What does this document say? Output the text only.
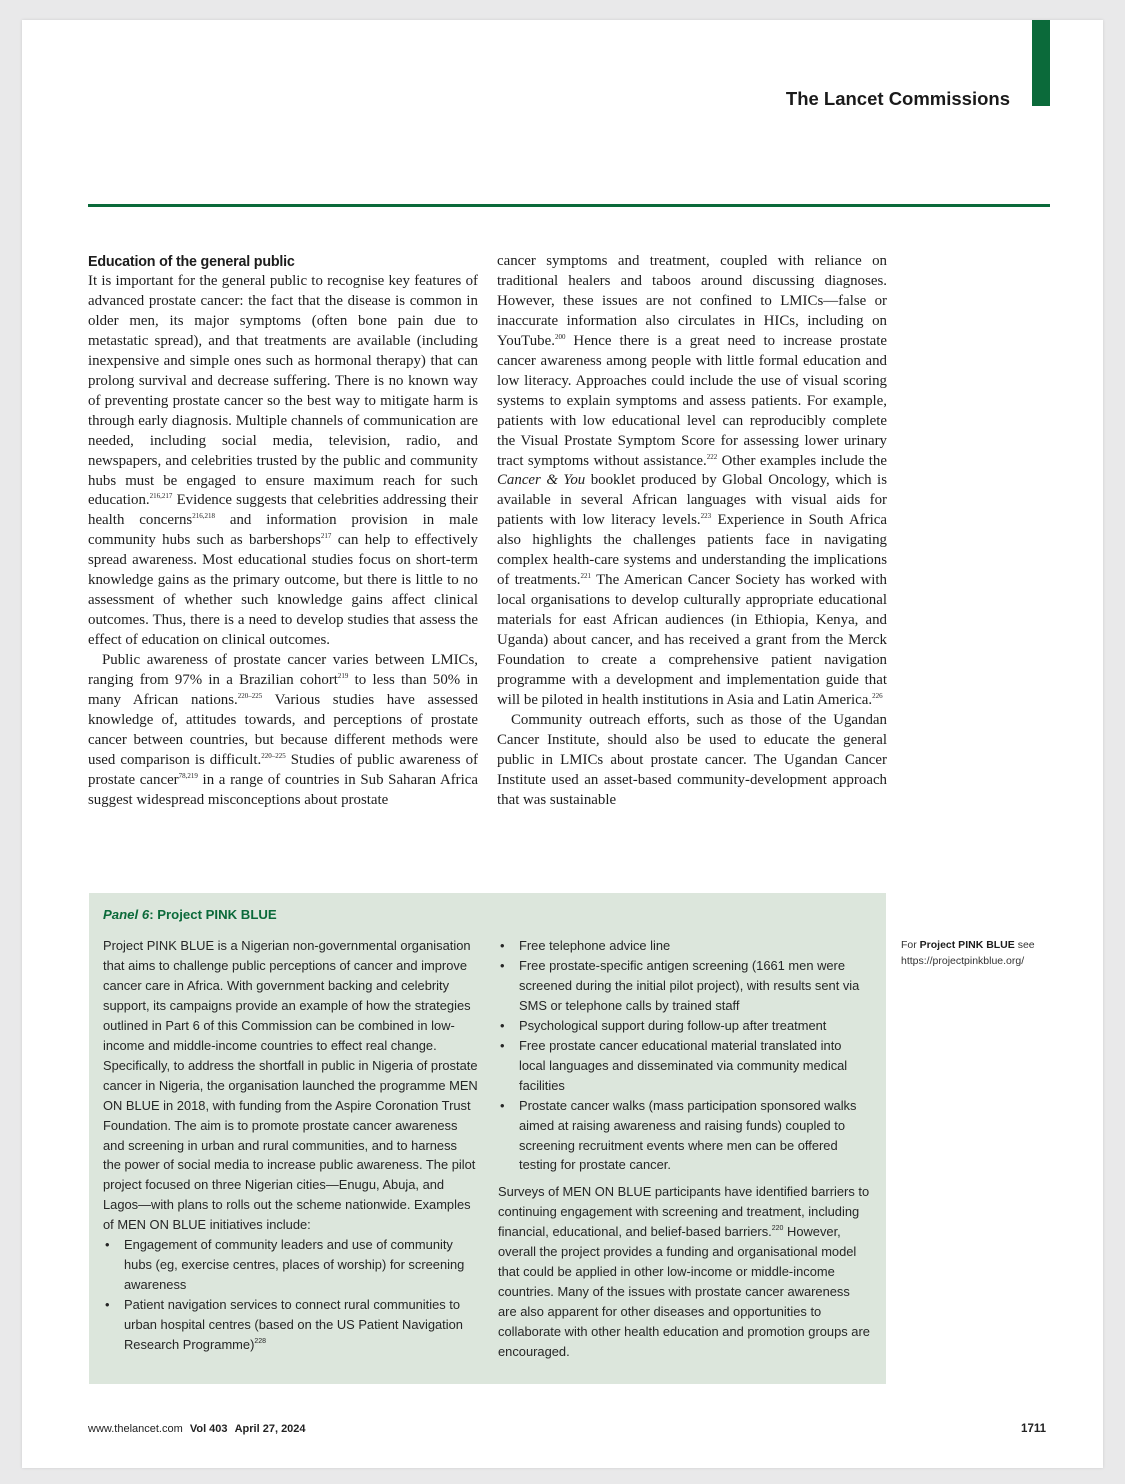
The Lancet Commissions
Education of the general public

It is important for the general public to recognise key features of advanced prostate cancer: the fact that the disease is common in older men, its major symptoms (often bone pain due to metastatic spread), and that treatments are available (including inexpensive and simple ones such as hormonal therapy) that can prolong survival and decrease suffering. There is no known way of preventing prostate cancer so the best way to mitigate harm is through early diagnosis. Multiple channels of communication are needed, including social media, television, radio, and newspapers, and celebrities trusted by the public and community hubs must be engaged to ensure maximum reach for such education.$^{216,217}$ Evidence suggests that celebrities addressing their health concerns$^{216,218}$ and information provision in male community hubs such as barbershops$^{217}$ can help to effectively spread awareness. Most educational studies focus on short-term knowledge gains as the primary outcome, but there is little to no assessment of whether such knowledge gains affect clinical outcomes. Thus, there is a need to develop studies that assess the effect of education on clinical outcomes.

Public awareness of prostate cancer varies between LMICs, ranging from 97% in a Brazilian cohort$^{219}$ to less than 50% in many African nations.$^{220-225}$ Various studies have assessed knowledge of, attitudes towards, and perceptions of prostate cancer between countries, but because different methods were used comparison is difficult.$^{220-225}$ Studies of public awareness of prostate cancer$^{78,219}$ in a range of countries in Sub Saharan Africa suggest widespread misconceptions about prostate

cancer symptoms and treatment, coupled with reliance on traditional healers and taboos around discussing diagnoses. However, these issues are not confined to LMICs—false or inaccurate information also circulates in HICs, including on YouTube.$^{200}$ Hence there is a great need to increase prostate cancer awareness among people with little formal education and low literacy. Approaches could include the use of visual scoring systems to explain symptoms and assess patients. For example, patients with low educational level can reproducibly complete the Visual Prostate Symptom Score for assessing lower urinary tract symptoms without assistance.$^{222}$ Other examples include the Cancer & You booklet produced by Global Oncology, which is available in several African languages with visual aids for patients with low literacy levels.$^{223}$ Experience in South Africa also highlights the challenges patients face in navigating complex health-care systems and understanding the implications of treatments.$^{221}$ The American Cancer Society has worked with local organisations to develop culturally appropriate educational materials for east African audiences (in Ethiopia, Kenya, and Uganda) about cancer, and has received a grant from the Merck Foundation to create a comprehensive patient navigation programme with a development and implementation guide that will be piloted in health institutions in Asia and Latin America.$^{226}$

Community outreach efforts, such as those of the Ugandan Cancer Institute, should also be used to educate the general public in LMICs about prostate cancer. The Ugandan Cancer Institute used an asset-based community-development approach that was sustainable

Panel 6: Project PINK BLUE

Project PINK BLUE is a Nigerian non-governmental organisation that aims to challenge public perceptions of cancer and improve cancer care in Africa. With government backing and celebrity support, its campaigns provide an example of how the strategies outlined in Part 6 of this Commission can be combined in low-income and middle-income countries to effect real change. Specifically, to address the shortfall in public in Nigeria of prostate cancer in Nigeria, the organisation launched the programme MEN ON BLUE in 2018, with funding from the Aspire Coronation Trust Foundation. The aim is to promote prostate cancer awareness and screening in urban and rural communities, and to harness the power of social media to increase public awareness. The pilot project focused on three Nigerian cities—Enugu, Abuja, and Lagos—with plans to rolls out the scheme nationwide. Examples of MEN ON BLUE initiatives include:

• Engagement of community leaders and use of community hubs (eg, exercise centres, places of worship) for screening awareness
• Patient navigation services to connect rural communities to urban hospital centres (based on the US Patient Navigation Research Programme)$^{228}$
• Free telephone advice line
• Free prostate-specific antigen screening (1661 men were screened during the initial pilot project), with results sent via SMS or telephone calls by trained staff
• Psychological support during follow-up after treatment
• Free prostate cancer educational material translated into local languages and disseminated via community medical facilities
• Prostate cancer walks (mass participation sponsored walks aimed at raising awareness and raising funds) coupled to screening recruitment events where men can be offered testing for prostate cancer.

Surveys of MEN ON BLUE participants have identified barriers to continuing engagement with screening and treatment, including financial, educational, and belief-based barriers.$^{220}$ However, overall the project provides a funding and organisational model that could be applied in other low-income or middle-income countries. Many of the issues with prostate cancer awareness are also apparent for other diseases and opportunities to collaborate with other health education and promotion groups are encouraged.

For Project PINK BLUE see
https://projectpinkblue.org/
www.thelancet.com Vol 403 April 27, 2024	1711
